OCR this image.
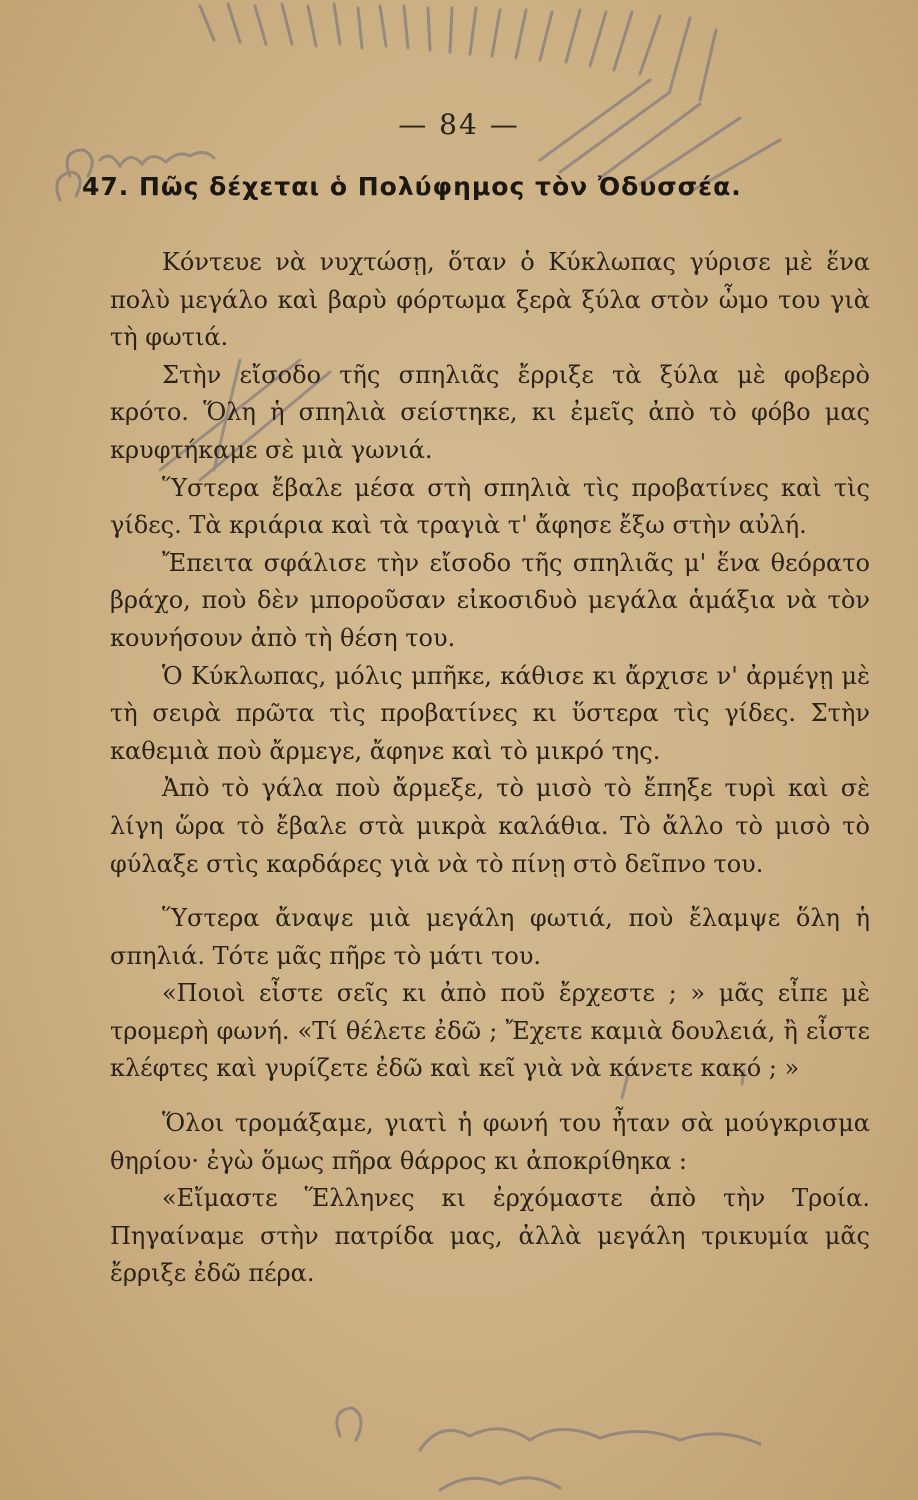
— 84 —
47. Πῶς δέχεται ὁ Πολύφημος τὸν Ὀδυσσέα.

Κόντευε νὰ νυχτώσῃ, ὅταν ὁ Κύκλωπας γύρισε μὲ ἕνα πολὺ μεγάλο καὶ βαρὺ φόρτωμα ξερὰ ξύλα στὸν ὦμο του γιὰ τὴ φωτιά.

Στὴν εἴσοδο τῆς σπηλιᾶς ἔρριξε τὰ ξύλα μὲ φοβερὸ κρότο. Ὅλη ἡ σπηλιὰ σείστηκε, κι ἐμεῖς ἀπὸ τὸ φόβο μας κρυφτήκαμε σὲ μιὰ γωνιά.

Ὕστερα ἔβαλε μέσα στὴ σπηλιὰ τὶς προβατίνες καὶ τὶς γίδες. Τὰ κριάρια καὶ τὰ τραγιὰ τ' ἄφησε ἔξω στὴν αὐλή.

Ἔπειτα σφάλισε τὴν εἴσοδο τῆς σπηλιᾶς μ' ἕνα θεόρατο βράχο, ποὺ δὲν μποροῦσαν εἰκοσιδυὸ μεγάλα ἁμάξια νὰ τὸν κουνήσουν ἀπὸ τὴ θέση του.

Ὁ Κύκλωπας, μόλις μπῆκε, κάθισε κι ἄρχισε ν' ἀρμέγῃ μὲ τὴ σειρὰ πρῶτα τὶς προβατίνες κι ὕστερα τὶς γίδες. Στὴν καθεμιὰ ποὺ ἄρμεγε, ἄφηνε καὶ τὸ μικρό της.

Ἀπὸ τὸ γάλα ποὺ ἄρμεξε, τὸ μισὸ τὸ ἔπηξε τυρὶ καὶ σὲ λίγη ὥρα τὸ ἔβαλε στὰ μικρὰ καλάθια. Τὸ ἄλλο τὸ μισὸ τὸ φύλαξε στὶς καρδάρες γιὰ νὰ τὸ πίνῃ στὸ δεῖπνο του.

Ὕστερα ἄναψε μιὰ μεγάλη φωτιά, ποὺ ἔλαμψε ὅλη ἡ σπηλιά. Τότε μᾶς πῆρε τὸ μάτι του.

«Ποιοὶ εἶστε σεῖς κι ἀπὸ ποῦ ἔρχεστε ; » μᾶς εἶπε μὲ τρομερὴ φωνή. «Τί θέλετε ἐδῶ ; Ἔχετε καμιὰ δουλειά, ἢ εἶστε κλέφτες καὶ γυρίζετε ἐδῶ καὶ κεῖ γιὰ νὰ κάνετε κακό ; »

Ὅλοι τρομάξαμε, γιατὶ ἡ φωνή του ἦταν σὰ μούγκρισμα θηρίου· ἐγὼ ὅμως πῆρα θάρρος κι ἀποκρίθηκα :

«Εἴμαστε Ἕλληνες κι ἐρχόμαστε ἀπὸ τὴν Τροία. Πηγαίναμε στὴν πατρίδα μας, ἀλλὰ μεγάλη τρικυμία μᾶς ἔρριξε ἐδῶ πέρα.
